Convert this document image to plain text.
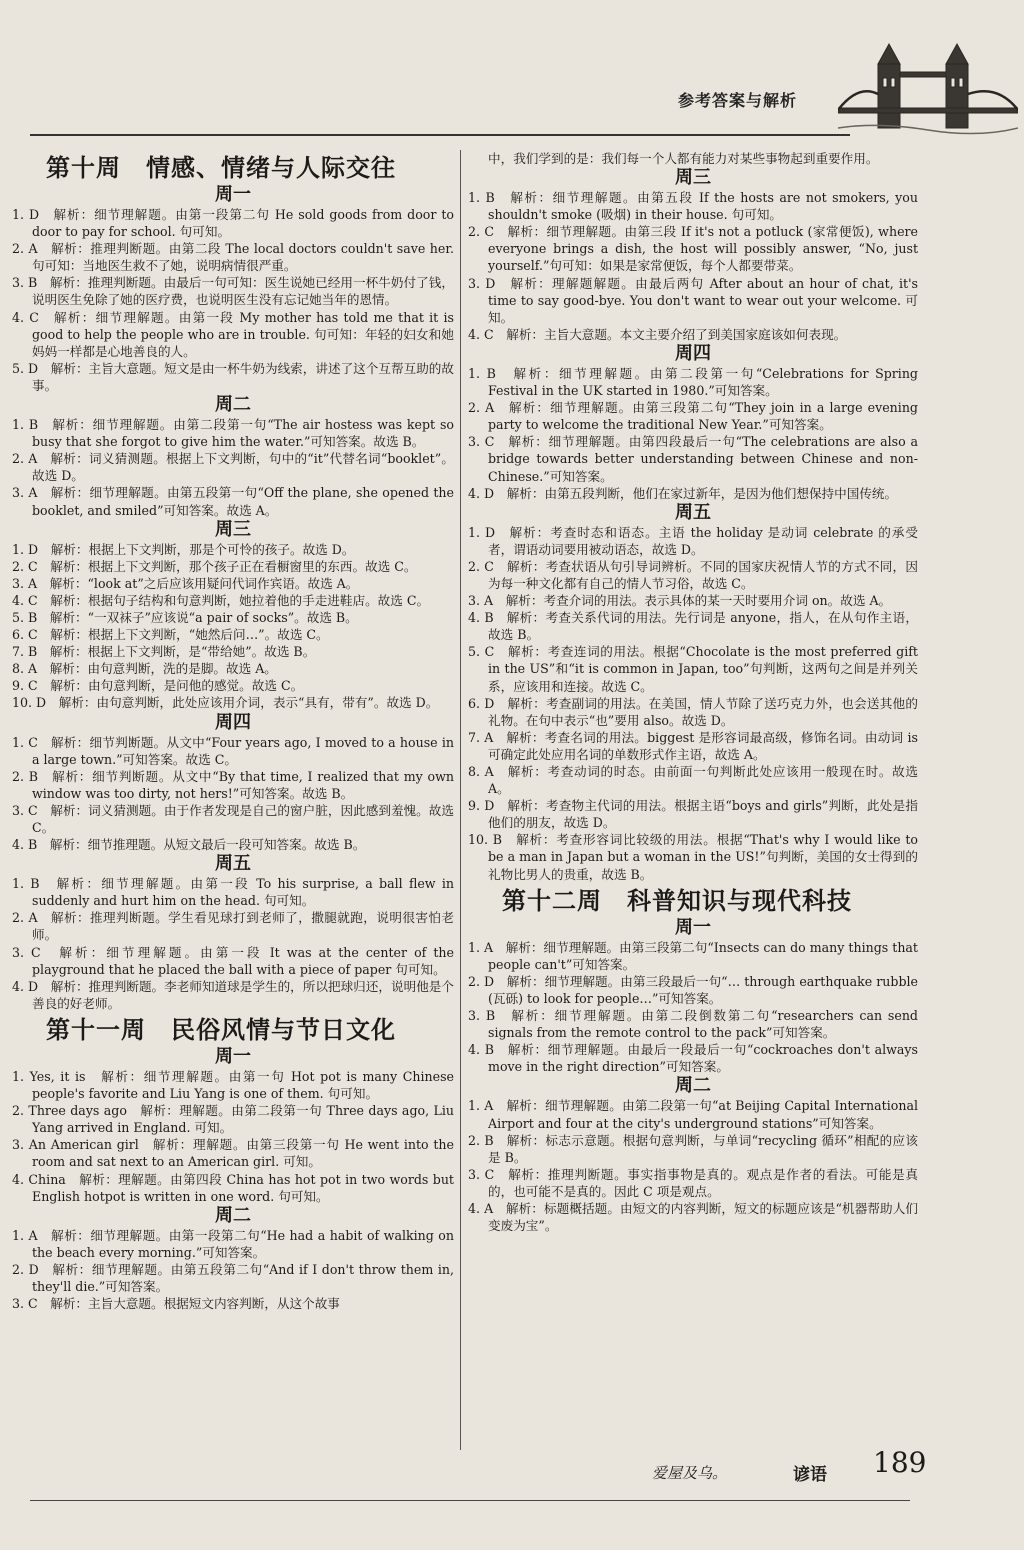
参考答案与解析
第十周　情感、情绪与人际交往
周一

1. D　解析：细节理解题。由第一段第二句 He sold goods from door to door to pay for school. 句可知。

2. A　解析：推理判断题。由第二段 The local doctors couldn't save her. 句可知：当地医生救不了她，说明病情很严重。

3. B　解析：推理判断题。由最后一句可知：医生说她已经用一杯牛奶付了钱，说明医生免除了她的医疗费，也说明医生没有忘记她当年的恩情。

4. C　解析：细节理解题。由第一段 My mother has told me that it is good to help the people who are in trouble. 句可知：年轻的妇女和她妈妈一样都是心地善良的人。

5. D　解析：主旨大意题。短文是由一杯牛奶为线索，讲述了这个互帮互助的故事。

周二

1. B　解析：细节理解题。由第二段第一句“The air hostess was kept so busy that she forgot to give him the water.”可知答案。故选 B。

2. A　解析：词义猜测题。根据上下文判断，句中的“it”代替名词“booklet”。故选 D。

3. A　解析：细节理解题。由第五段第一句“Off the plane, she opened the booklet, and smiled”可知答案。故选 A。

周三

1. D　解析：根据上下文判断，那是个可怜的孩子。故选 D。

2. C　解析：根据上下文判断，那个孩子正在看橱窗里的东西。故选 C。

3. A　解析：“look at”之后应该用疑问代词作宾语。故选 A。

4. C　解析：根据句子结构和句意判断，她拉着他的手走进鞋店。故选 C。

5. B　解析：“一双袜子”应该说“a pair of socks”。故选 B。

6. C　解析：根据上下文判断，“她然后问…”。故选 C。

7. B　解析：根据上下文判断，是“带给她”。故选 B。

8. A　解析：由句意判断，洗的是脚。故选 A。

9. C　解析：由句意判断，是问他的感觉。故选 C。

10. D　解析：由句意判断，此处应该用介词，表示“具有，带有”。故选 D。

周四

1. C　解析：细节判断题。从文中“Four years ago, I moved to a house in a large town.”可知答案。故选 C。

2. B　解析：细节判断题。从文中“By that time, I realized that my own window was too dirty, not hers!”可知答案。故选 B。

3. C　解析：词义猜测题。由于作者发现是自己的窗户脏，因此感到羞愧。故选 C。

4. B　解析：细节推理题。从短文最后一段可知答案。故选 B。

周五

1. B　解析：细节理解题。由第一段 To his surprise, a ball flew in suddenly and hurt him on the head. 句可知。

2. A　解析：推理判断题。学生看见球打到老师了，撒腿就跑，说明很害怕老师。

3. C　解析：细节理解题。由第一段 It was at the center of the playground that he placed the ball with a piece of paper 句可知。

4. D　解析：推理判断题。李老师知道球是学生的，所以把球归还，说明他是个善良的好老师。

第十一周　民俗风情与节日文化
周一

1. Yes, it is　解析：细节理解题。由第一句 Hot pot is many Chinese people's favorite and Liu Yang is one of them. 句可知。

2. Three days ago　解析：理解题。由第二段第一句 Three days ago, Liu Yang arrived in England. 可知。

3. An American girl　解析：理解题。由第三段第一句 He went into the room and sat next to an American girl. 可知。

4. China　解析：理解题。由第四段 China has hot pot in two words but English hotpot is written in one word. 句可知。

周二

1. A　解析：细节理解题。由第一段第二句“He had a habit of walking on the beach every morning.”可知答案。

2. D　解析：细节理解题。由第五段第二句“And if I don't throw them in, they'll die.”可知答案。

3. C　解析：主旨大意题。根据短文内容判断，从这个故事

中，我们学到的是：我们每一个人都有能力对某些事物起到重要作用。

周三

1. B　解析：细节理解题。由第五段 If the hosts are not smokers, you shouldn't smoke (吸烟) in their house. 句可知。

2. C　解析：细节理解题。由第三段 If it's not a potluck (家常便饭), where everyone brings a dish, the host will possibly answer, “No, just yourself.”句可知：如果是家常便饭，每个人都要带菜。

3. D　解析：理解题解题。由最后两句 After about an hour of chat, it's time to say good-bye. You don't want to wear out your welcome. 可知。

4. C　解析：主旨大意题。本文主要介绍了到美国家庭该如何表现。

周四

1. B　解析：细节理解题。由第二段第一句“Celebrations for Spring Festival in the UK started in 1980.”可知答案。

2. A　解析：细节理解题。由第三段第二句“They join in a large evening party to welcome the traditional New Year.”可知答案。

3. C　解析：细节理解题。由第四段最后一句“The celebrations are also a bridge towards better understanding between Chinese and non-Chinese.”可知答案。

4. D　解析：由第五段判断，他们在家过新年，是因为他们想保持中国传统。

周五

1. D　解析：考查时态和语态。主语 the holiday 是动词 celebrate 的承受者，谓语动词要用被动语态，故选 D。

2. C　解析：考查状语从句引导词辨析。不同的国家庆祝情人节的方式不同，因为每一种文化都有自己的情人节习俗，故选 C。

3. A　解析：考查介词的用法。表示具体的某一天时要用介词 on。故选 A。

4. B　解析：考查关系代词的用法。先行词是 anyone，指人，在从句作主语，故选 B。

5. C　解析：考查连词的用法。根据“Chocolate is the most preferred gift in the US”和“it is common in Japan, too”句判断，这两句之间是并列关系，应该用和连接。故选 C。

6. D　解析：考查副词的用法。在美国，情人节除了送巧克力外，也会送其他的礼物。在句中表示“也”要用 also。故选 D。

7. A　解析：考查名词的用法。biggest 是形容词最高级，修饰名词。由动词 is 可确定此处应用名词的单数形式作主语，故选 A。

8. A　解析：考查动词的时态。由前面一句判断此处应该用一般现在时。故选 A。

9. D　解析：考查物主代词的用法。根据主语“boys and girls”判断，此处是指他们的朋友，故选 D。

10. B　解析：考查形容词比较级的用法。根据“That's why I would like to be a man in Japan but a woman in the US!”句判断，美国的女士得到的礼物比男人的贵重，故选 B。

第十二周　科普知识与现代科技
周一

1. A　解析：细节理解题。由第三段第二句“Insects can do many things that people can't”可知答案。

2. D　解析：细节理解题。由第三段最后一句“… through earthquake rubble (瓦砾) to look for people…”可知答案。

3. B　解析：细节理解题。由第二段倒数第二句“researchers can send signals from the remote control to the pack”可知答案。

4. B　解析：细节理解题。由最后一段最后一句“cockroaches don't always move in the right direction”可知答案。

周二

1. A　解析：细节理解题。由第二段第一句“at Beijing Capital International Airport and four at the city's underground stations”可知答案。

2. B　解析：标志示意题。根据句意判断，与单词“recycling 循环”相配的应该是 B。

3. C　解析：推理判断题。事实指事物是真的。观点是作者的看法。可能是真的，也可能不是真的。因此 C 项是观点。

4. A　解析：标题概括题。由短文的内容判断，短文的标题应该是“机器帮助人们变废为宝”。

爱屋及乌。	谚语 189
